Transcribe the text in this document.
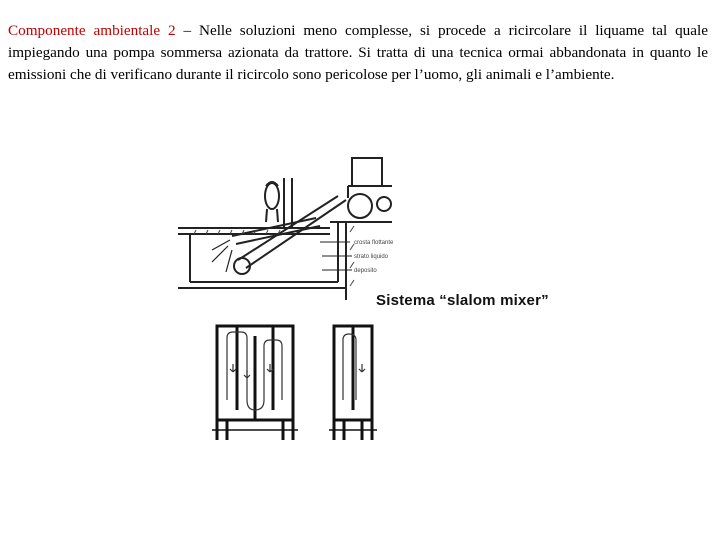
Componente ambientale 2 – Nelle soluzioni meno complesse, si procede a ricircolare il liquame tal quale impiegando una pompa sommersa azionata da trattore. Si tratta di una tecnica ormai abbandonata in quanto le emissioni che di verificano durante il ricircolo sono pericolose per l’uomo, gli animali e l’ambiente.

crosta flottante
strato liquido
deposito
Sistema “slalom mixer”
